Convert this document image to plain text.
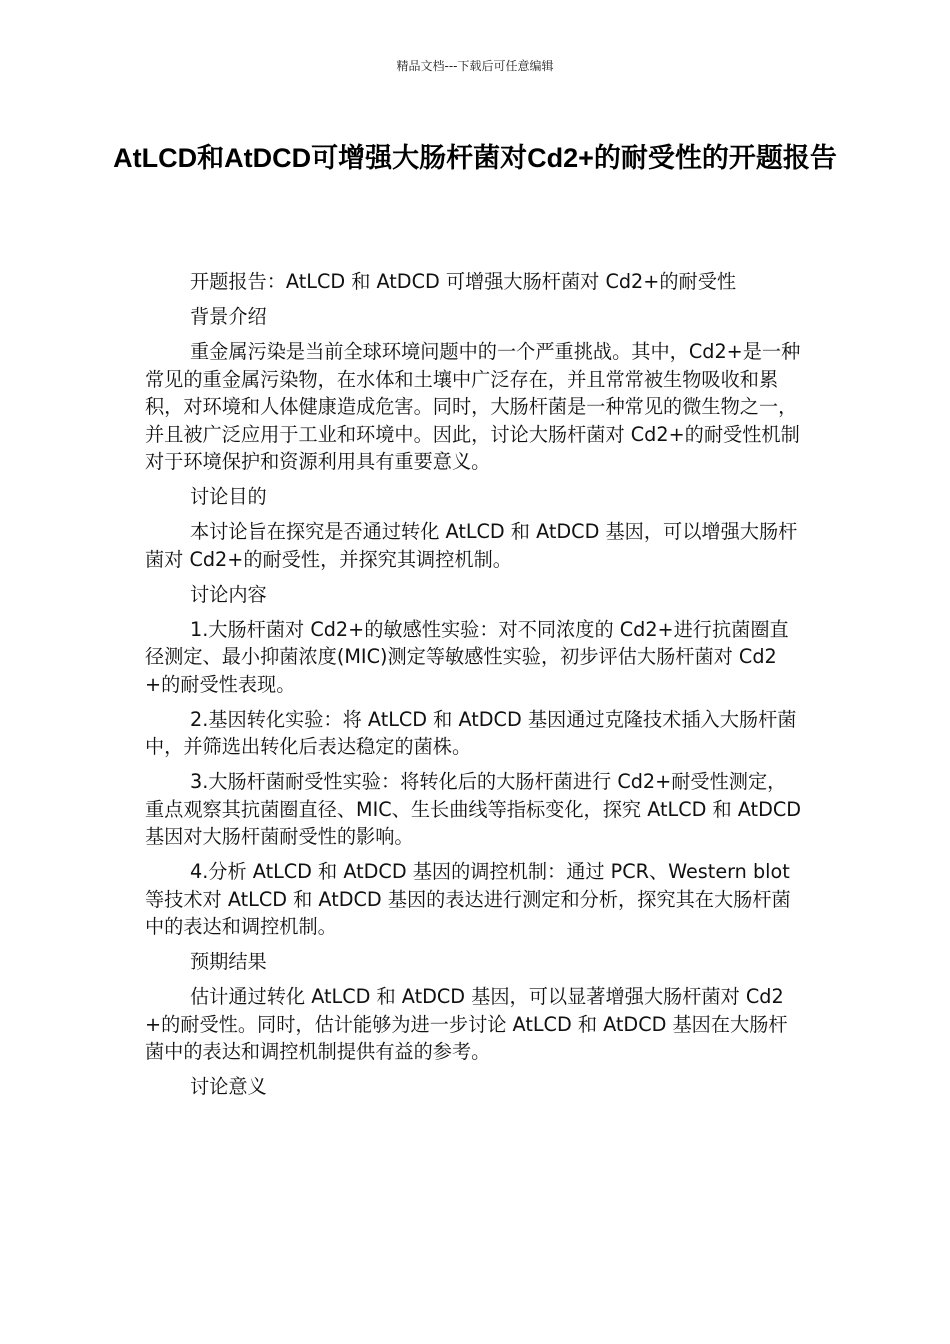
精品文档---下载后可任意编辑
AtLCD和AtDCD可增强大肠杆菌对Cd2+的耐受性的开题报告

开题报告：AtLCD 和 AtDCD 可增强大肠杆菌对 Cd2+的耐受性

背景介绍

重金属污染是当前全球环境问题中的一个严重挑战。其中，Cd2+是一种常见的重金属污染物，在水体和土壤中广泛存在，并且常常被生物吸收和累积，对环境和人体健康造成危害。同时，大肠杆菌是一种常见的微生物之一，并且被广泛应用于工业和环境中。因此，讨论大肠杆菌对 Cd2+的耐受性机制对于环境保护和资源利用具有重要意义。

讨论目的

本讨论旨在探究是否通过转化 AtLCD 和 AtDCD 基因，可以增强大肠杆菌对 Cd2+的耐受性，并探究其调控机制。

讨论内容

1.大肠杆菌对 Cd2+的敏感性实验：对不同浓度的 Cd2+进行抗菌圈直径测定、最小抑菌浓度(MIC)测定等敏感性实验，初步评估大肠杆菌对 Cd2+的耐受性表现。

2.基因转化实验：将 AtLCD 和 AtDCD 基因通过克隆技术插入大肠杆菌中，并筛选出转化后表达稳定的菌株。

3.大肠杆菌耐受性实验：将转化后的大肠杆菌进行 Cd2+耐受性测定，重点观察其抗菌圈直径、MIC、生长曲线等指标变化，探究 AtLCD 和 AtDCD 基因对大肠杆菌耐受性的影响。

4.分析 AtLCD 和 AtDCD 基因的调控机制：通过 PCR、Western blot 等技术对 AtLCD 和 AtDCD 基因的表达进行测定和分析，探究其在大肠杆菌中的表达和调控机制。

预期结果

估计通过转化 AtLCD 和 AtDCD 基因，可以显著增强大肠杆菌对 Cd2+的耐受性。同时，估计能够为进一步讨论 AtLCD 和 AtDCD 基因在大肠杆菌中的表达和调控机制提供有益的参考。

讨论意义
